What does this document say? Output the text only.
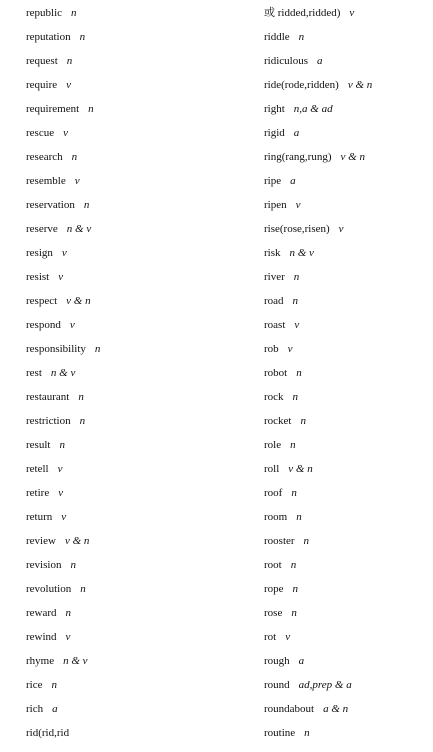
republic n
reputation n
request n
require v
requirement n
rescue v
research n
resemble v
reservation n
reserve n & v
resign v
resist v
respect v & n
respond v
responsibility n
rest n & v
restaurant n
restriction n
result n
retell v
retire v
return v
review v & n
revision n
revolution n
reward n
rewind v
rhyme n & v
rice n
rich a
rid(rid,rid
或 ridded,ridded) v
riddle n
ridiculous a
ride(rode,ridden) v & n
right n,a & ad
rigid a
ring(rang,rung) v & n
ripe a
ripen v
rise(rose,risen) v
risk n & v
river n
road n
roast v
rob v
robot n
rock n
rocket n
role n
roll v & n
roof n
room n
rooster n
root n
rope n
rose n
rot v
rough a
round ad,prep & a
roundabout a & n
routine n
